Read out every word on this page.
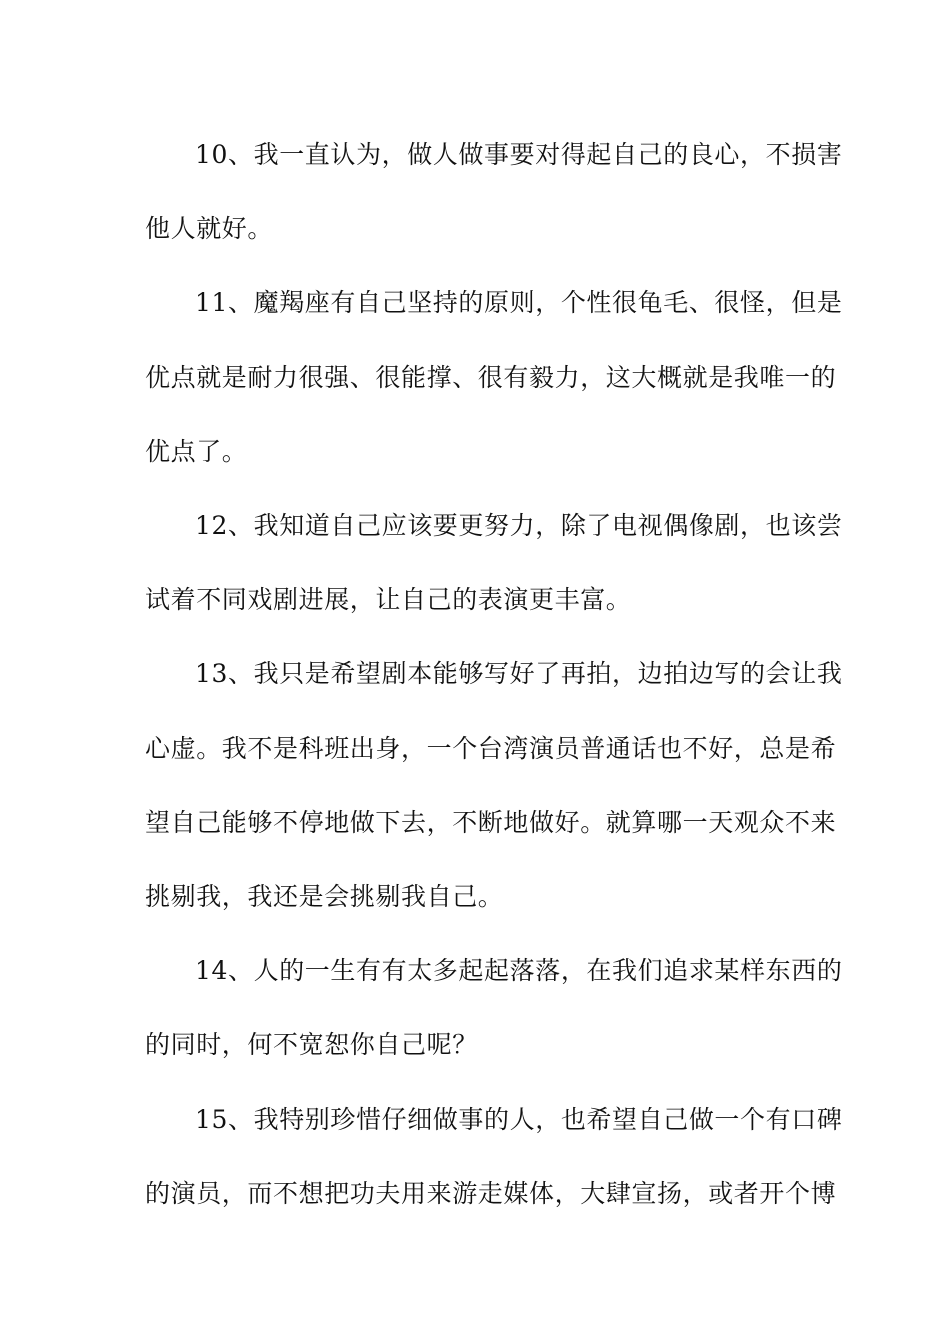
10、我一直认为，做人做事要对得起自己的良心，不损害
他人就好。

11、魔羯座有自己坚持的原则，个性很龟毛、很怪，但是
优点就是耐力很强、很能撑、很有毅力，这大概就是我唯一的
优点了。

12、我知道自己应该要更努力，除了电视偶像剧，也该尝
试着不同戏剧进展，让自己的表演更丰富。

13、我只是希望剧本能够写好了再拍，边拍边写的会让我
心虚。我不是科班出身，一个台湾演员普通话也不好，总是希
望自己能够不停地做下去，不断地做好。就算哪一天观众不来
挑剔我，我还是会挑剔我自己。

14、人的一生有有太多起起落落，在我们追求某样东西的
的同时，何不宽恕你自己呢？

15、我特别珍惜仔细做事的人，也希望自己做一个有口碑
的演员，而不想把功夫用来游走媒体，大肆宣扬，或者开个博
